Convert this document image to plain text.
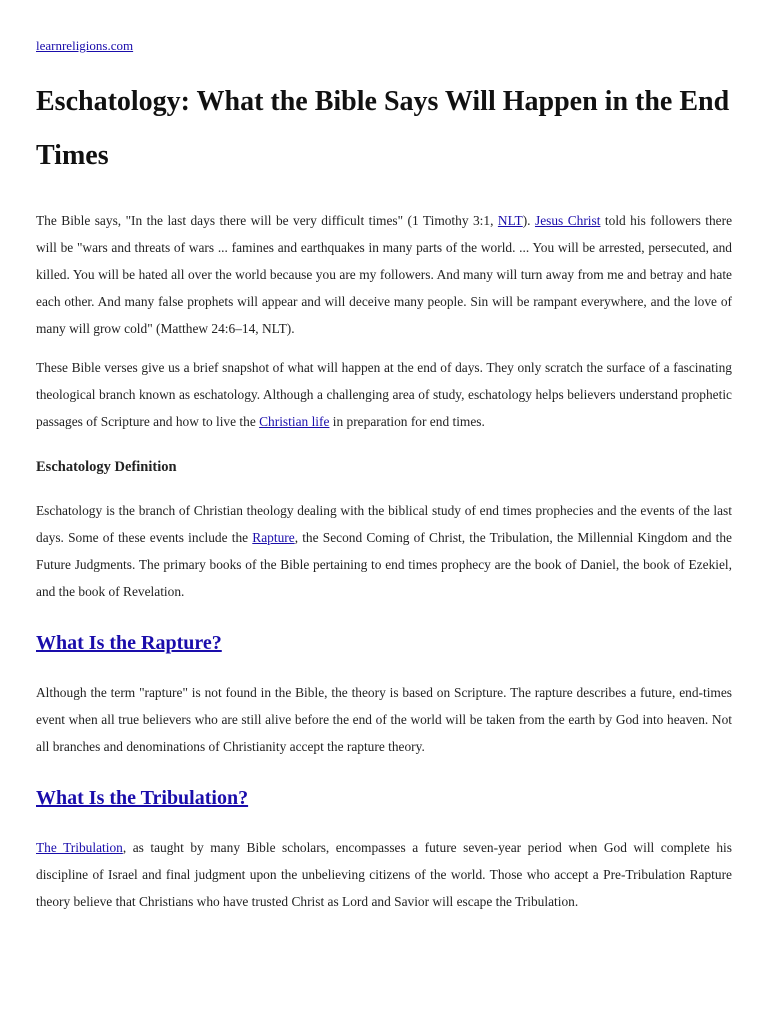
learnreligions.com
Eschatology: What the Bible Says Will Happen in the End Times

The Bible says, "In the last days there will be very difficult times" (1 Timothy 3:1, NLT). Jesus Christ told his followers there will be "wars and threats of wars ... famines and earthquakes in many parts of the world. ... You will be arrested, persecuted, and killed. You will be hated all over the world because you are my followers. And many will turn away from me and betray and hate each other. And many false prophets will appear and will deceive many people. Sin will be rampant everywhere, and the love of many will grow cold" (Matthew 24:6–14, NLT).

These Bible verses give us a brief snapshot of what will happen at the end of days. They only scratch the surface of a fascinating theological branch known as eschatology. Although a challenging area of study, eschatology helps believers understand prophetic passages of Scripture and how to live the Christian life in preparation for end times.

Eschatology Definition

Eschatology is the branch of Christian theology dealing with the biblical study of end times prophecies and the events of the last days. Some of these events include the Rapture, the Second Coming of Christ, the Tribulation, the Millennial Kingdom and the Future Judgments. The primary books of the Bible pertaining to end times prophecy are the book of Daniel, the book of Ezekiel, and the book of Revelation.

What Is the Rapture?

Although the term "rapture" is not found in the Bible, the theory is based on Scripture. The rapture describes a future, end-times event when all true believers who are still alive before the end of the world will be taken from the earth by God into heaven. Not all branches and denominations of Christianity accept the rapture theory.

What Is the Tribulation?

The Tribulation, as taught by many Bible scholars, encompasses a future seven-year period when God will complete his discipline of Israel and final judgment upon the unbelieving citizens of the world. Those who accept a Pre-Tribulation Rapture theory believe that Christians who have trusted Christ as Lord and Savior will escape the Tribulation.
